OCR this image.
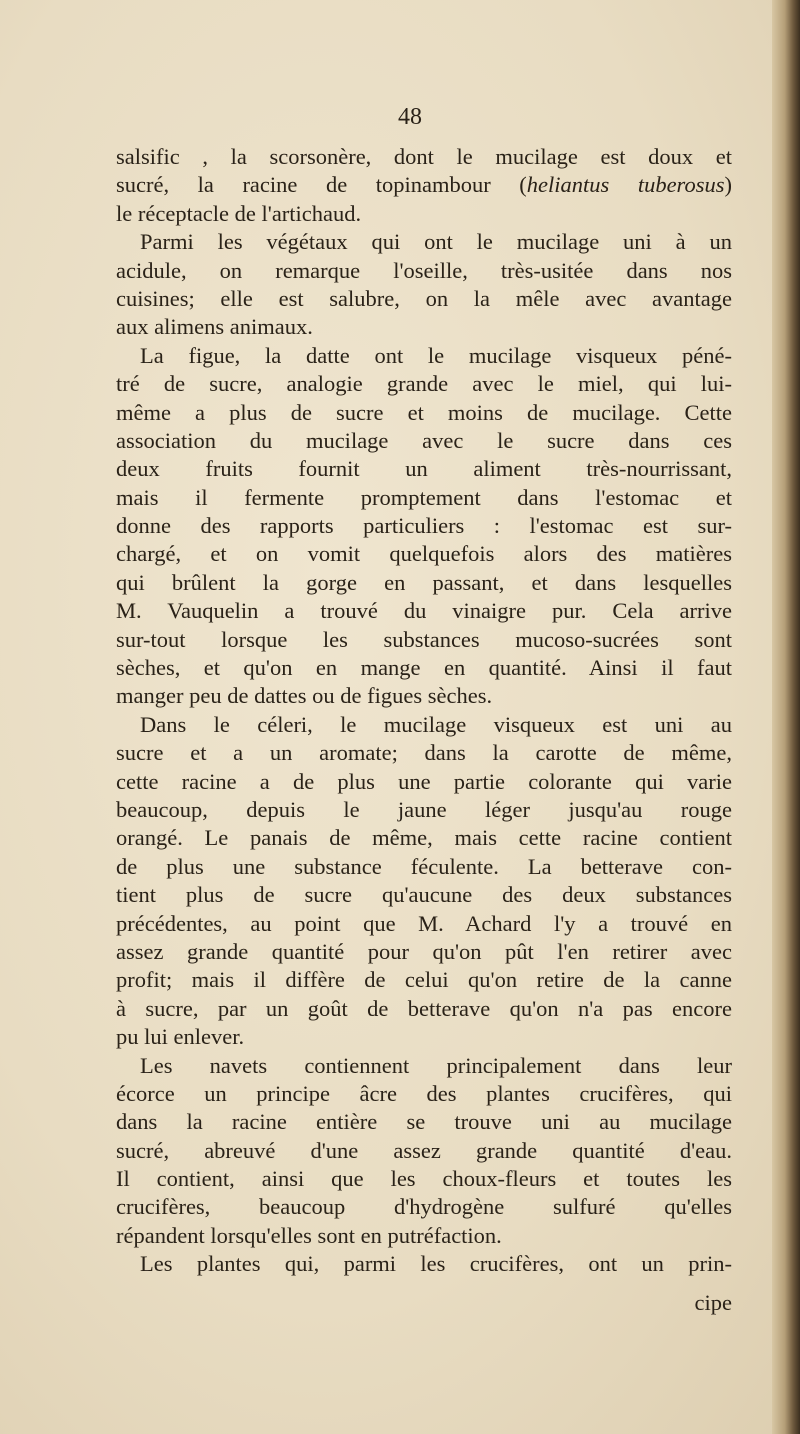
48
salsific , la scorsonère, dont le mucilage est doux et
sucré, la racine de topinambour (heliantus tuberosus)
le réceptacle de l'artichaud.
Parmi les végétaux qui ont le mucilage uni à un
acidule, on remarque l'oseille, très-usitée dans nos
cuisines; elle est salubre, on la mêle avec avantage
aux alimens animaux.
La figue, la datte ont le mucilage visqueux péné-
tré de sucre, analogie grande avec le miel, qui lui-
même a plus de sucre et moins de mucilage. Cette
association du mucilage avec le sucre dans ces
deux fruits fournit un aliment très-nourrissant,
mais il fermente promptement dans l'estomac et
donne des rapports particuliers : l'estomac est sur-
chargé, et on vomit quelquefois alors des matières
qui brûlent la gorge en passant, et dans lesquelles
M. Vauquelin a trouvé du vinaigre pur. Cela arrive
sur-tout lorsque les substances mucoso-sucrées sont
sèches, et qu'on en mange en quantité. Ainsi il faut
manger peu de dattes ou de figues sèches.
Dans le céleri, le mucilage visqueux est uni au
sucre et a un aromate; dans la carotte de même,
cette racine a de plus une partie colorante qui varie
beaucoup, depuis le jaune léger jusqu'au rouge
orangé. Le panais de même, mais cette racine contient
de plus une substance féculente. La betterave con-
tient plus de sucre qu'aucune des deux substances
précédentes, au point que M. Achard l'y a trouvé en
assez grande quantité pour qu'on pût l'en retirer avec
profit; mais il diffère de celui qu'on retire de la canne
à sucre, par un goût de betterave qu'on n'a pas encore
pu lui enlever.
Les navets contiennent principalement dans leur
écorce un principe âcre des plantes crucifères, qui
dans la racine entière se trouve uni au mucilage
sucré, abreuvé d'une assez grande quantité d'eau.
Il contient, ainsi que les choux-fleurs et toutes les
crucifères, beaucoup d'hydrogène sulfuré qu'elles
répandent lorsqu'elles sont en putréfaction.
Les plantes qui, parmi les crucifères, ont un prin-
cipe
